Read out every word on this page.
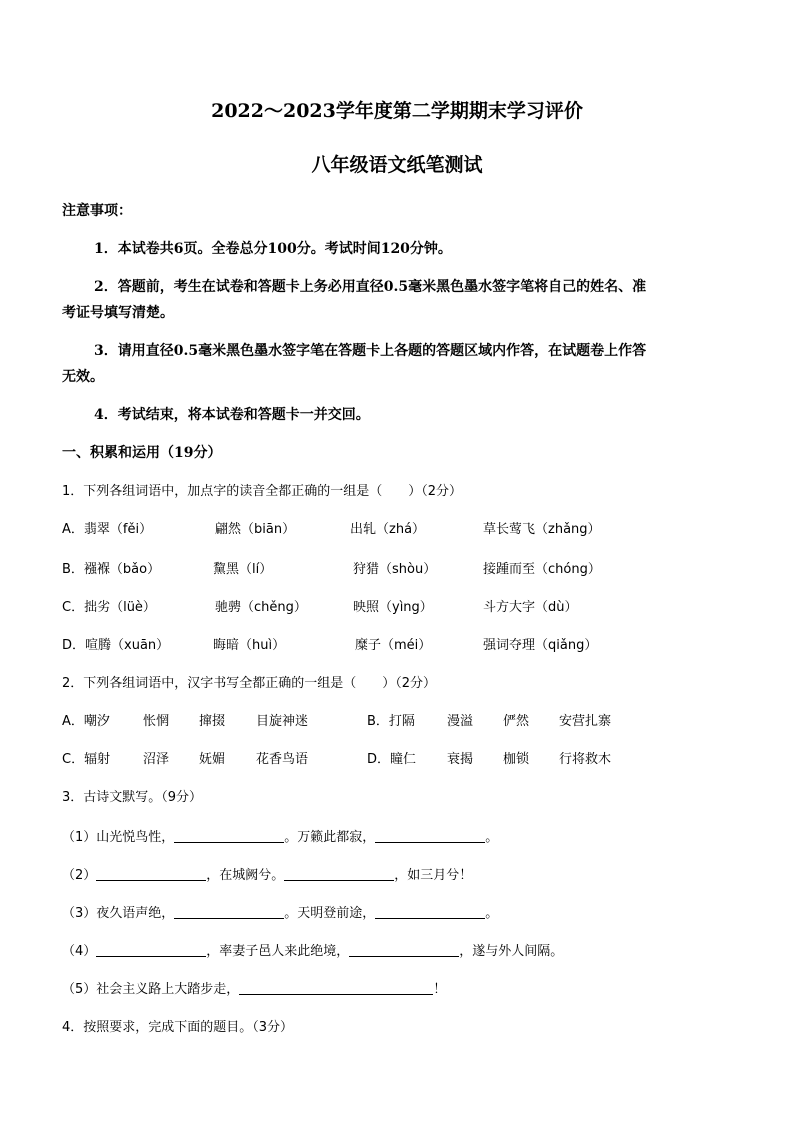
2022～2023学年度第二学期期末学习评价
八年级语文纸笔测试
注意事项：
1．本试卷共6页。全卷总分100分。考试时间120分钟。
2．答题前，考生在试卷和答题卡上务必用直径0.5毫米黑色墨水签字笔将自己的姓名、准
考证号填写清楚。
3．请用直径0.5毫米黑色墨水签字笔在答题卡上各题的答题区域内作答，在试题卷上作答
无效。
4．考试结束，将本试卷和答题卡一并交回。
一、积累和运用（19分）
1．下列各组词语中，加点字的读音全都正确的一组是（　　）（2分）
A．翡翠（fěi）	翩然（biān）	出轧（zhá）	草长莺飞（zhǎng）
B．襁褓（bǎo）	黧黑（lí）	狩猎（shòu）	接踵而至（chóng）
C．拙劣（lüè）	驰骋（chěng）	映照（yìng）	斗方大字（dù）
D．喧腾（xuān）	晦暗（huì）	糜子（méi）	强词夺理（qiǎng）
2．下列各组词语中，汉字书写全都正确的一组是（　　）（2分）
A．嘲汐	怅惘 撺掇 目旋神迷	B．打隔 漫溢 俨然 安营扎寨
C．辐射	沼泽 妩媚 花香鸟语	D．瞳仁 衰揭 枷锁 行将救木
3．古诗文默写。（9分）
（1）山光悦鸟性，	。万籁此都寂，	。
（2）	，在城阙兮。	，如三月兮！
（3）夜久语声绝，	。天明登前途，	。
（4）	，率妻子邑人来此绝境，	，遂与外人间隔。
（5）社会主义路上大踏步走，	！
4．按照要求，完成下面的题目。（3分）
